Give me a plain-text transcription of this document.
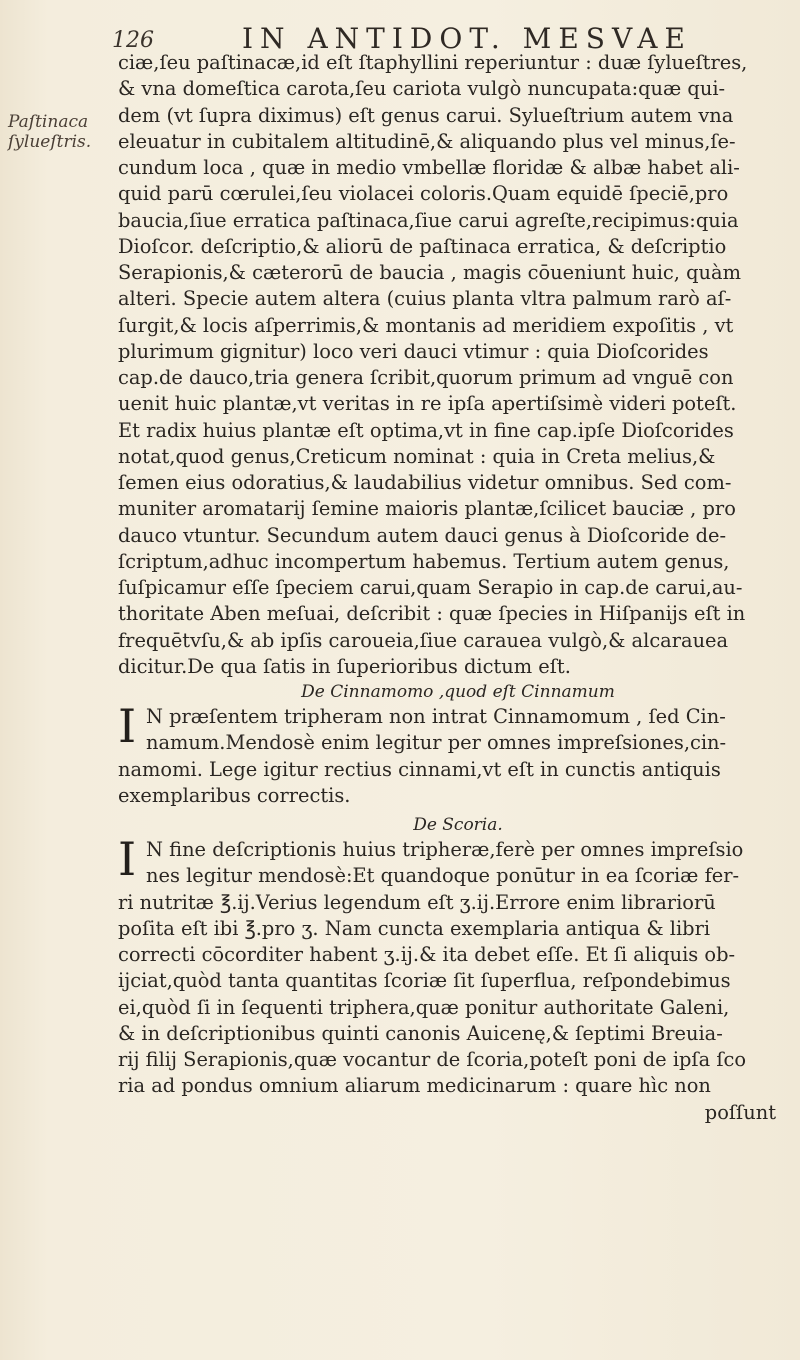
126	IN ANTIDOT. MESVAE
Paſtinaca
ſylueſtris.
ciæ,ſeu paſtinacæ,id eſt ſtaphyllini reperiuntur : duæ ſylueſtres,
& vna domeſtica carota,ſeu cariota vulgò nuncupata:quæ qui-
dem (vt ſupra diximus) eſt genus carui. Sylueſtrium autem vna
eleuatur in cubitalem altitudinē,& aliquando plus vel minus,ſe-
cundum loca , quæ in medio vmbellæ floridæ & albæ habet ali-
quid parū cœrulei,ſeu violacei coloris.Quam equidē ſpeciē,pro
baucia,ſiue erratica paſtinaca,ſiue carui agreſte,recipimus:quia
Dioſcor. deſcriptio,& aliorū de paſtinaca erratica, & deſcriptio
Serapionis,& cæterorū de baucia , magis cōueniunt huic, quàm
alteri. Specie autem altera (cuius planta vltra palmum rarò aſ-
ſurgit,& locis aſperrimis,& montanis ad meridiem expoſitis , vt
plurimum gignitur) loco veri dauci vtimur : quia Dioſcorides
cap.de dauco,tria genera ſcribit,quorum primum ad vnguē con
uenit huic plantæ,vt veritas in re ipſa apertiſsimè videri poteſt.
Et radix huius plantæ eſt optima,vt in fine cap.ipſe Dioſcorides
notat,quod genus,Creticum nominat : quia in Creta melius,&
ſemen eius odoratius,& laudabilius videtur omnibus. Sed com-
muniter aromatarij ſemine maioris plantæ,ſcilicet bauciæ , pro
dauco vtuntur. Secundum autem dauci genus à Dioſcoride de-
ſcriptum,adhuc incompertum habemus. Tertium autem genus,
ſuſpicamur eſſe ſpeciem carui,quam Serapio in cap.de carui,au-
thoritate Aben meſuai, deſcribit : quæ ſpecies in Hiſpanijs eſt in
frequētvſu,& ab ipſis caroueia,ſiue carauea vulgò,& alcarauea
dicitur.De qua ſatis in ſuperioribus dictum eſt.
De Cinnamomo ,quod eſt Cinnamum
I N præſentem tripheram non intrat Cinnamomum , ſed Cin-
namum.Mendosè enim legitur per omnes impreſsiones,cin-
namomi. Lege igitur rectius cinnami,vt eſt in cunctis antiquis
exemplaribus correctis.
De Scoria.
I N fine deſcriptionis huius tripheræ,ferè per omnes impreſsio
nes legitur mendosè:Et quandoque ponūtur in ea ſcoriæ fer-
ri nutritæ ℥.ij.Verius legendum eſt ʒ.ij.Errore enim librariorū
poſita eſt ibi ℥.pro ʒ. Nam cuncta exemplaria antiqua & libri
correcti cōcorditer habent ʒ.ij.& ita debet eſſe. Et ſi aliquis ob-
ijciat,quòd tanta quantitas ſcoriæ ſit ſuperflua, reſpondebimus
ei,quòd ſi in ſequenti triphera,quæ ponitur authoritate Galeni,
& in deſcriptionibus quinti canonis Auicenę,& ſeptimi Breuia-
rij filij Serapionis,quæ vocantur de ſcoria,poteſt poni de ipſa ſco
ria ad pondus omnium aliarum medicinarum : quare hìc non
poſſunt
